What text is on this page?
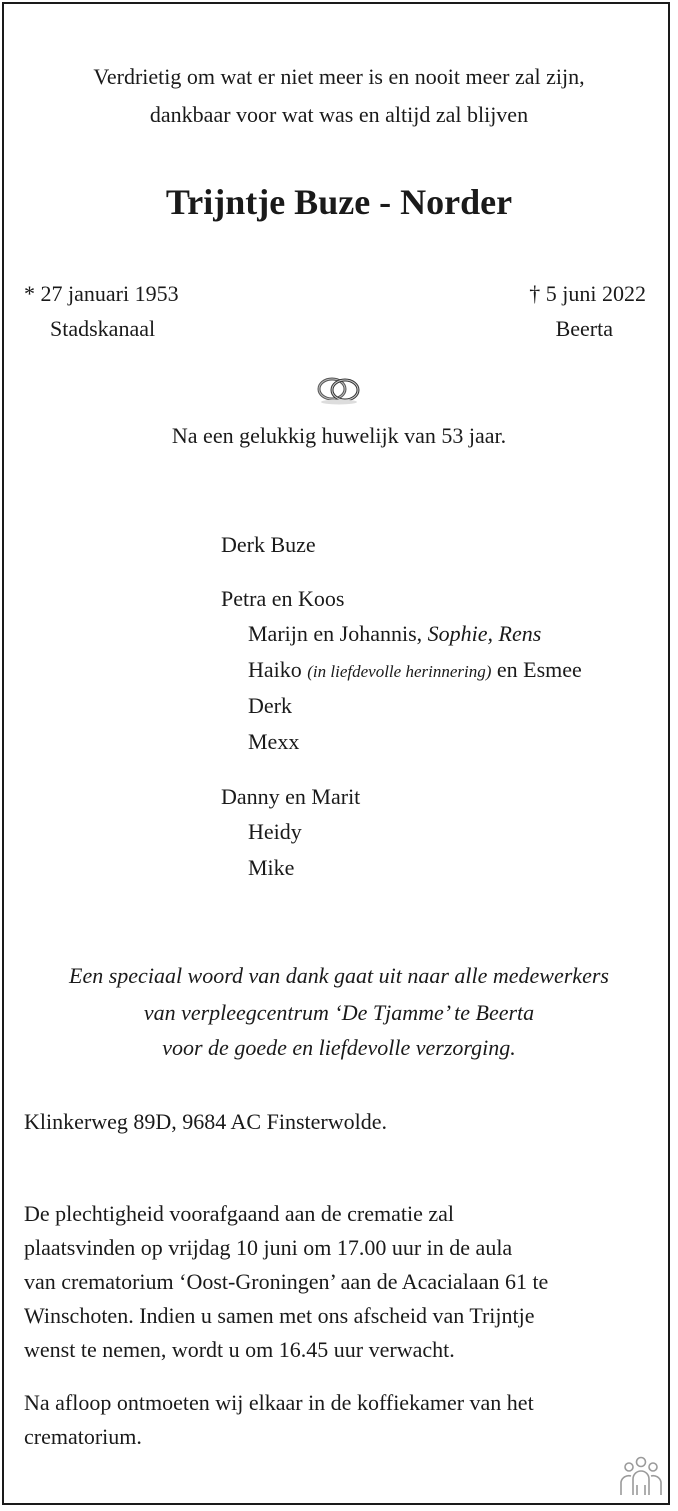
Verdrietig om wat er niet meer is en nooit meer zal zijn,
dankbaar voor wat was en altijd zal blijven
Trijntje Buze - Norder
* 27 januari 1953
Stadskanaal
† 5 juni 2022
Beerta
Na een gelukkig huwelijk van 53 jaar.
Derk Buze
Petra en Koos
Marijn en Johannis, Sophie, Rens
Haiko (in liefdevolle herinnering) en Esmee
Derk
Mexx
Danny en Marit
Heidy
Mike
Een speciaal woord van dank gaat uit naar alle medewerkers
van verpleegcentrum ‘De Tjamme’ te Beerta
voor de goede en liefdevolle verzorging.
Klinkerweg 89D, 9684 AC Finsterwolde.
De plechtigheid voorafgaand aan de crematie zal
plaatsvinden op vrijdag 10 juni om 17.00 uur in de aula
van crematorium ‘Oost-Groningen’ aan de Acacialaan 61 te
Winschoten. Indien u samen met ons afscheid van Trijntje
wenst te nemen, wordt u om 16.45 uur verwacht.
Na afloop ontmoeten wij elkaar in de koffiekamer van het
crematorium.
